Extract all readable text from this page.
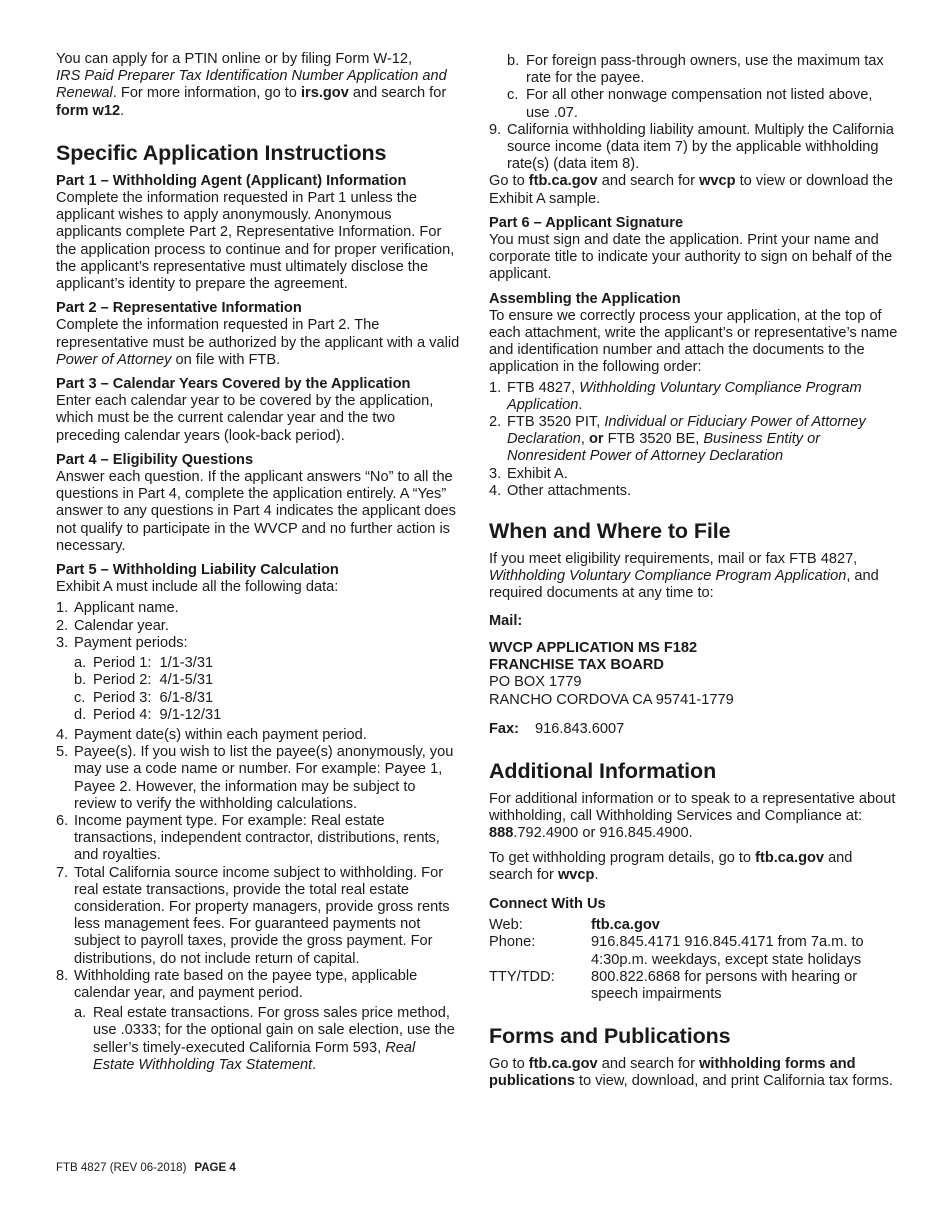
You can apply for a PTIN online or by filing Form W-12,
IRS Paid Preparer Tax Identification Number Application and Renewal. For more information, go to irs.gov and search for form w12.

Specific Application Instructions
Part 1 – Withholding Agent (Applicant) Information
Complete the information requested in Part 1 unless the applicant wishes to apply anonymously. Anonymous applicants complete Part 2, Representative Information. For the application process to continue and for proper verification, the applicant’s representative must ultimately disclose the applicant’s identity to prepare the agreement.
Part 2 – Representative Information
Complete the information requested in Part 2. The representative must be authorized by the applicant with a valid Power of Attorney on file with FTB.
Part 3 – Calendar Years Covered by the Application
Enter each calendar year to be covered by the application, which must be the current calendar year and the two preceding calendar years (look-back period).
Part 4 – Eligibility Questions
Answer each question. If the applicant answers “No” to all the questions in Part 4, complete the application entirely. A “Yes” answer to any questions in Part 4 indicates the applicant does not qualify to participate in the WVCP and no further action is necessary.
Part 5 – Withholding Liability Calculation
Exhibit A must include all the following data:
1. Applicant name.
2. Calendar year.
3. Payment periods:
a. Period 1:  1/1-3/31
b. Period 2:  4/1-5/31
c. Period 3:  6/1-8/31
d. Period 4:  9/1-12/31
4. Payment date(s) within each payment period.
5. Payee(s). If you wish to list the payee(s) anonymously, you may use a code name or number. For example: Payee 1, Payee 2. However, the information may be subject to review to verify the withholding calculations.
6. Income payment type. For example: Real estate transactions, independent contractor, distributions, rents, and royalties.
7. Total California source income subject to withholding. For real estate transactions, provide the total real estate consideration. For property managers, provide gross rents less management fees. For guaranteed payments not subject to payroll taxes, provide the gross payment. For distributions, do not include return of capital.
8. Withholding rate based on the payee type, applicable calendar year, and payment period.
a. Real estate transactions. For gross sales price method, use .0333; for the optional gain on sale election, use the seller’s timely-executed California Form 593, Real Estate Withholding Tax Statement.
b. For foreign pass-through owners, use the maximum tax rate for the payee.
c. For all other nonwage compensation not listed above, use .07.
9. California withholding liability amount. Multiply the California source income (data item 7) by the applicable withholding rate(s) (data item 8).

Go to ftb.ca.gov and search for wvcp to view or download the Exhibit A sample.

Part 6 – Applicant Signature
You must sign and date the application. Print your name and corporate title to indicate your authority to sign on behalf of the applicant.
Assembling the Application
To ensure we correctly process your application, at the top of each attachment, write the applicant’s or representative’s name and identification number and attach the documents to the application in the following order:
1. FTB 4827, Withholding Voluntary Compliance Program Application.
2. FTB 3520 PIT, Individual or Fiduciary Power of Attorney Declaration, or FTB 3520 BE, Business Entity or Nonresident Power of Attorney Declaration
3. Exhibit A.
4. Other attachments.
When and Where to File

If you meet eligibility requirements, mail or fax FTB 4827, Withholding Voluntary Compliance Program Application, and required documents at any time to:

Mail:
WVCP APPLICATION MS F182
FRANCHISE TAX BOARD
PO BOX 1779
RANCHO CORDOVA CA 95741-1779
Fax: 916.843.6007
Additional Information

For additional information or to speak to a representative about withholding, call Withholding Services and Compliance at: 888.792.4900 or 916.845.4900.

To get withholding program details, go to ftb.ca.gov and search for wvcp.

Connect With Us
Web:	ftb.ca.gov
Phone:	916.845.4171 916.845.4171 from 7a.m. to 4:30p.m. weekdays, except state holidays
TTY/TDD:	800.822.6868 for persons with hearing or speech impairments
Forms and Publications

Go to ftb.ca.gov and search for withholding forms and publications to view, download, and print California tax forms.

FTB 4827 (REV 06-2018) PAGE 4
